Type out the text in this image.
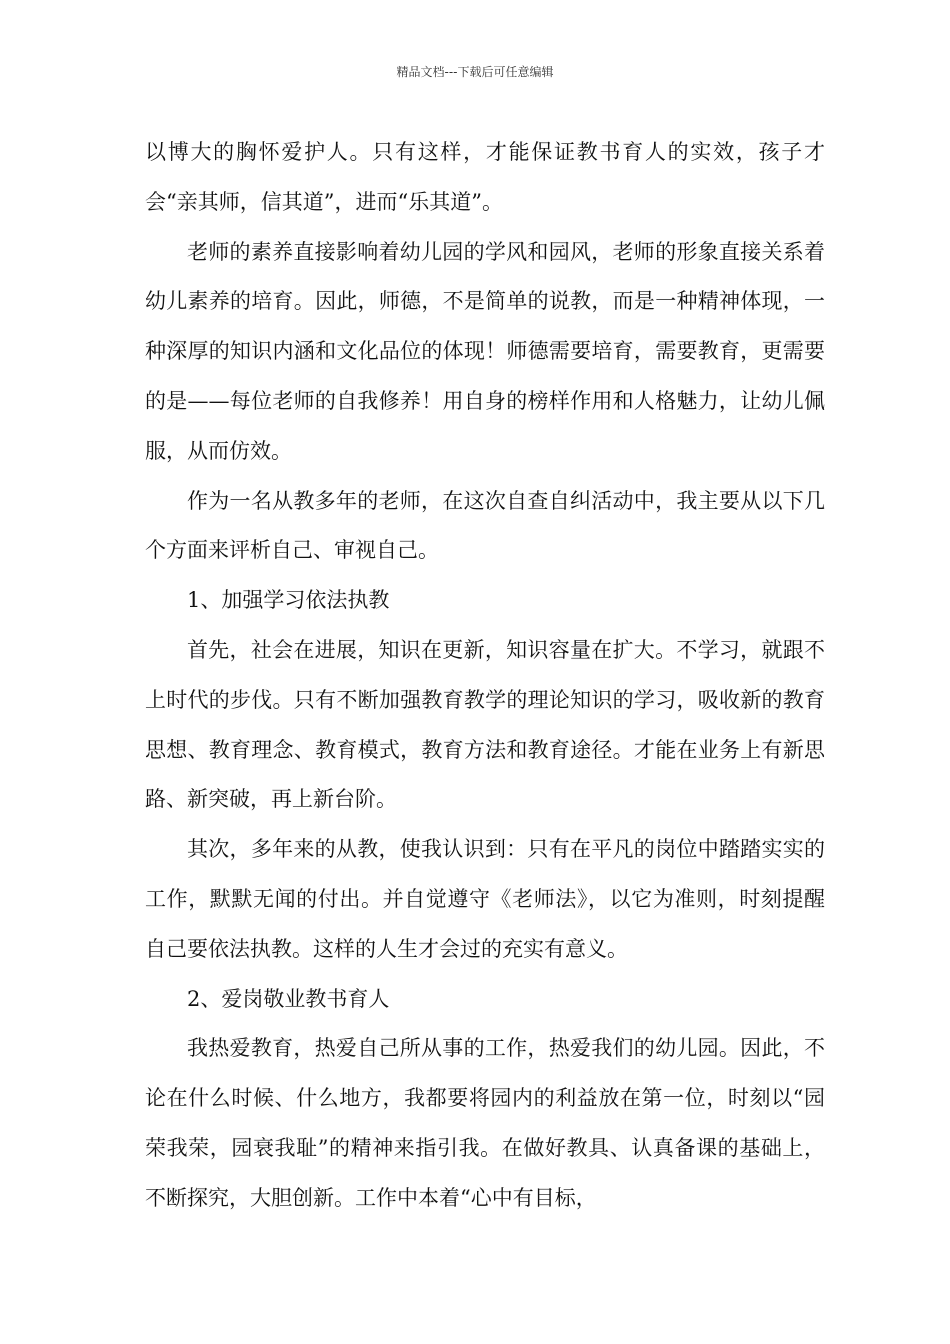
精品文档---下载后可任意编辑

以博大的胸怀爱护人。只有这样，才能保证教书育人的实效，孩子才会“亲其师，信其道”，进而“乐其道”。

老师的素养直接影响着幼儿园的学风和园风，老师的形象直接关系着幼儿素养的培育。因此，师德，不是简单的说教，而是一种精神体现，一种深厚的知识内涵和文化品位的体现！师德需要培育，需要教育，更需要的是——每位老师的自我修养！用自身的榜样作用和人格魅力，让幼儿佩服，从而仿效。

作为一名从教多年的老师，在这次自查自纠活动中，我主要从以下几个方面来评析自己、审视自己。

1、加强学习依法执教

首先，社会在进展，知识在更新，知识容量在扩大。不学习，就跟不上时代的步伐。只有不断加强教育教学的理论知识的学习，吸收新的教育思想、教育理念、教育模式，教育方法和教育途径。才能在业务上有新思路、新突破，再上新台阶。

其次，多年来的从教，使我认识到：只有在平凡的岗位中踏踏实实的工作，默默无闻的付出。并自觉遵守《老师法》，以它为准则，时刻提醒自己要依法执教。这样的人生才会过的充实有意义。

2、爱岗敬业教书育人

我热爱教育，热爱自己所从事的工作，热爱我们的幼儿园。因此，不论在什么时候、什么地方，我都要将园内的利益放在第一位，时刻以“园荣我荣，园衰我耻”的精神来指引我。在做好教具、认真备课的基础上，不断探究，大胆创新。工作中本着“心中有目标，
